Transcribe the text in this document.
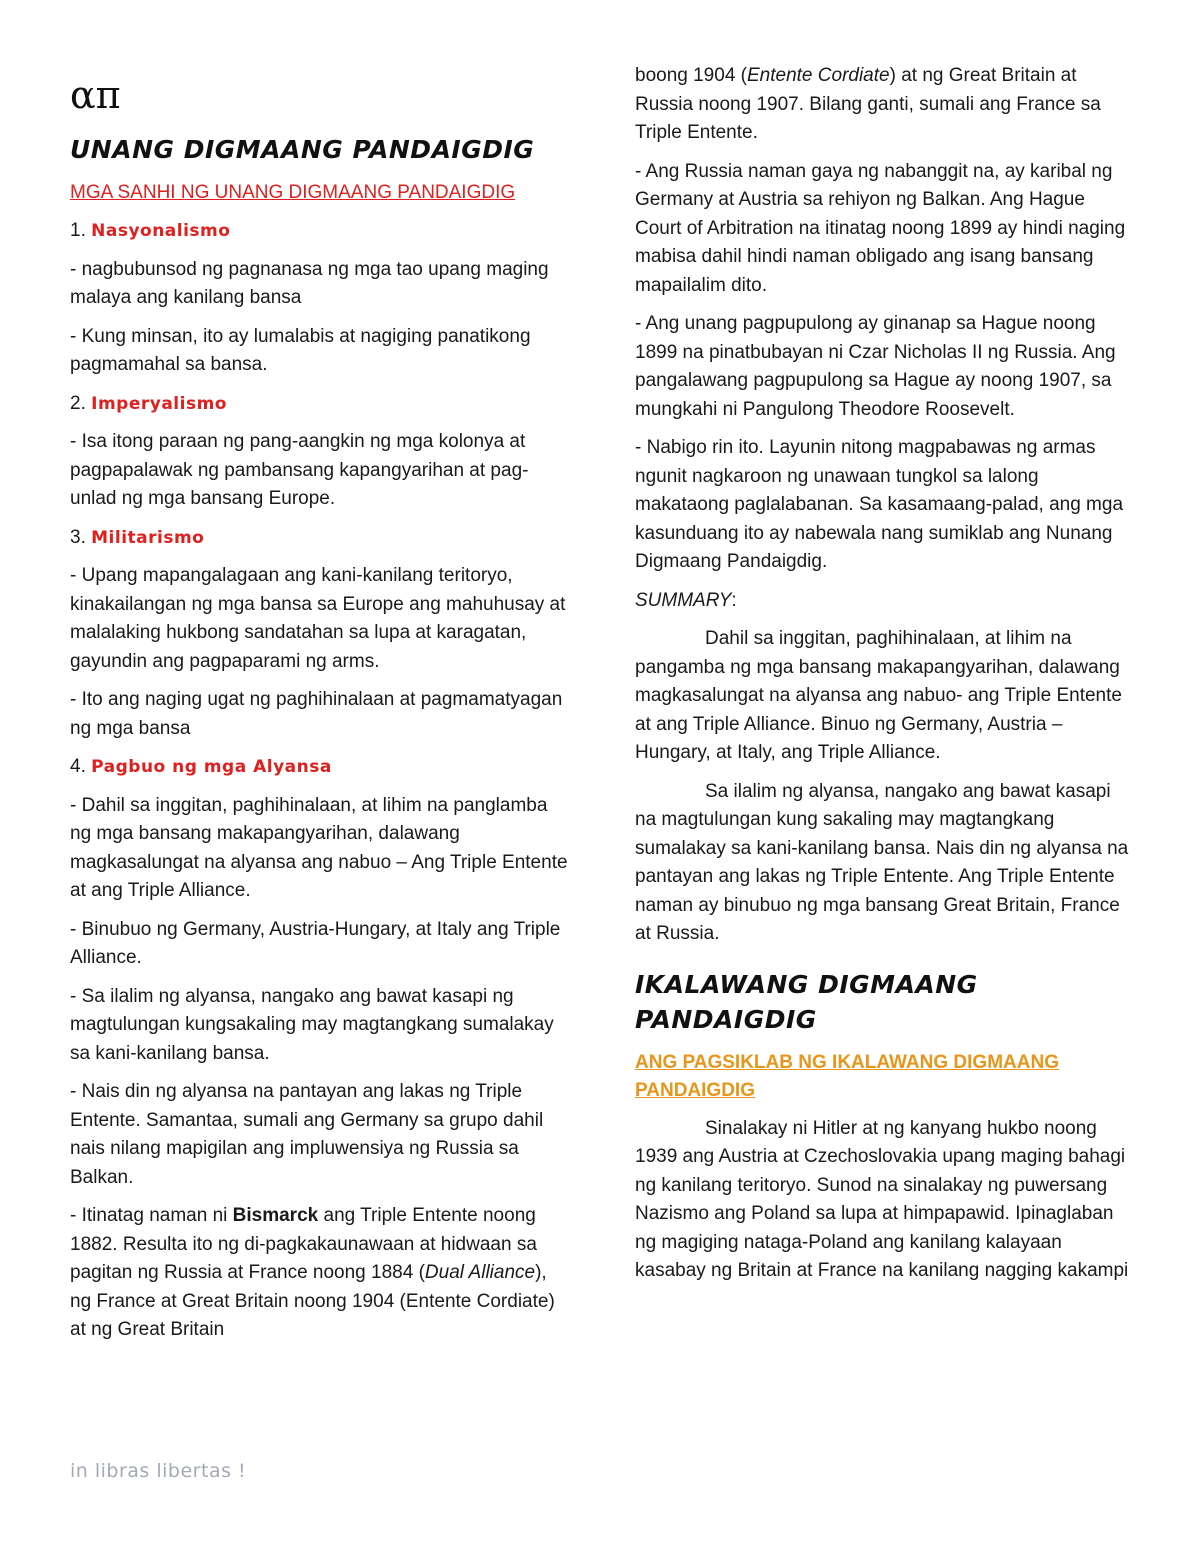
απ
UNANG DIGMAANG PANDAIGDIG

MGA SANHI NG UNANG DIGMAANG PANDAIGDIG

1. Nasyonalismo

- nagbubunsod ng pagnanasa ng mga tao upang maging malaya ang kanilang bansa

- Kung minsan, ito ay lumalabis at nagiging panatikong pagmamahal sa bansa.

2. Imperyalismo

- Isa itong paraan ng pang-aangkin ng mga kolonya at pagpapalawak ng pambansang kapangyarihan at pag-unlad ng mga bansang Europe.

3. Militarismo

- Upang mapangalagaan ang kani-kanilang teritoryo, kinakailangan ng mga bansa sa Europe ang mahuhusay at malalaking hukbong sandatahan sa lupa at karagatan, gayundin ang pagpaparami ng arms.

- Ito ang naging ugat ng paghihinalaan at pagmamatyagan ng mga bansa

4. Pagbuo ng mga Alyansa

- Dahil sa inggitan, paghihinalaan, at lihim na panglamba ng mga bansang makapangyarihan, dalawang magkasalungat na alyansa ang nabuo – Ang Triple Entente at ang Triple Alliance.

- Binubuo ng Germany, Austria-Hungary, at Italy ang Triple Alliance.

- Sa ilalim ng alyansa, nangako ang bawat kasapi ng magtulungan kungsakaling may magtangkang sumalakay sa kani-kanilang bansa.

- Nais din ng alyansa na pantayan ang lakas ng Triple Entente. Samantaa, sumali ang Germany sa grupo dahil nais nilang mapigilan ang impluwensiya ng Russia sa Balkan.

- Itinatag naman ni Bismarck ang Triple Entente noong 1882. Resulta ito ng di-pagkakaunawaan at hidwaan sa pagitan ng Russia at France noong 1884 (Dual Alliance), ng France at Great Britain noong 1904 (Entente Cordiate) at ng Great Britain

boong 1904 (Entente Cordiate) at ng Great Britain at Russia noong 1907. Bilang ganti, sumali ang France sa Triple Entente.

- Ang Russia naman gaya ng nabanggit na, ay karibal ng Germany at Austria sa rehiyon ng Balkan. Ang Hague Court of Arbitration na itinatag noong 1899 ay hindi naging mabisa dahil hindi naman obligado ang isang bansang mapailalim dito.

- Ang unang pagpupulong ay ginanap sa Hague noong 1899 na pinatbubayan ni Czar Nicholas II ng Russia. Ang pangalawang pagpupulong sa Hague ay noong 1907, sa mungkahi ni Pangulong Theodore Roosevelt.

- Nabigo rin ito. Layunin nitong magpabawas ng armas ngunit nagkaroon ng unawaan tungkol sa lalong makataong paglalabanan. Sa kasamaang-palad, ang mga kasunduang ito ay nabewala nang sumiklab ang Nunang Digmaang Pandaigdig.

SUMMARY:

Dahil sa inggitan, paghihinalaan, at lihim na pangamba ng mga bansang makapangyarihan, dalawang magkasalungat na alyansa ang nabuo- ang Triple Entente at ang Triple Alliance. Binuo ng Germany, Austria – Hungary, at Italy, ang Triple Alliance.

Sa ilalim ng alyansa, nangako ang bawat kasapi na magtulungan kung sakaling may magtangkang sumalakay sa kani-kanilang bansa. Nais din ng alyansa na pantayan ang lakas ng Triple Entente. Ang Triple Entente naman ay binubuo ng mga bansang Great Britain, France at Russia.

IKALAWANG DIGMAANG PANDAIGDIG

ANG PAGSIKLAB NG IKALAWANG DIGMAANG PANDAIGDIG

Sinalakay ni Hitler at ng kanyang hukbo noong 1939 ang Austria at Czechoslovakia upang maging bahagi ng kanilang teritoryo. Sunod na sinalakay ng puwersang Nazismo ang Poland sa lupa at himpapawid. Ipinaglaban ng magiging nataga-Poland ang kanilang kalayaan kasabay ng Britain at France na kanilang nagging kakampi

in libras libertas !
